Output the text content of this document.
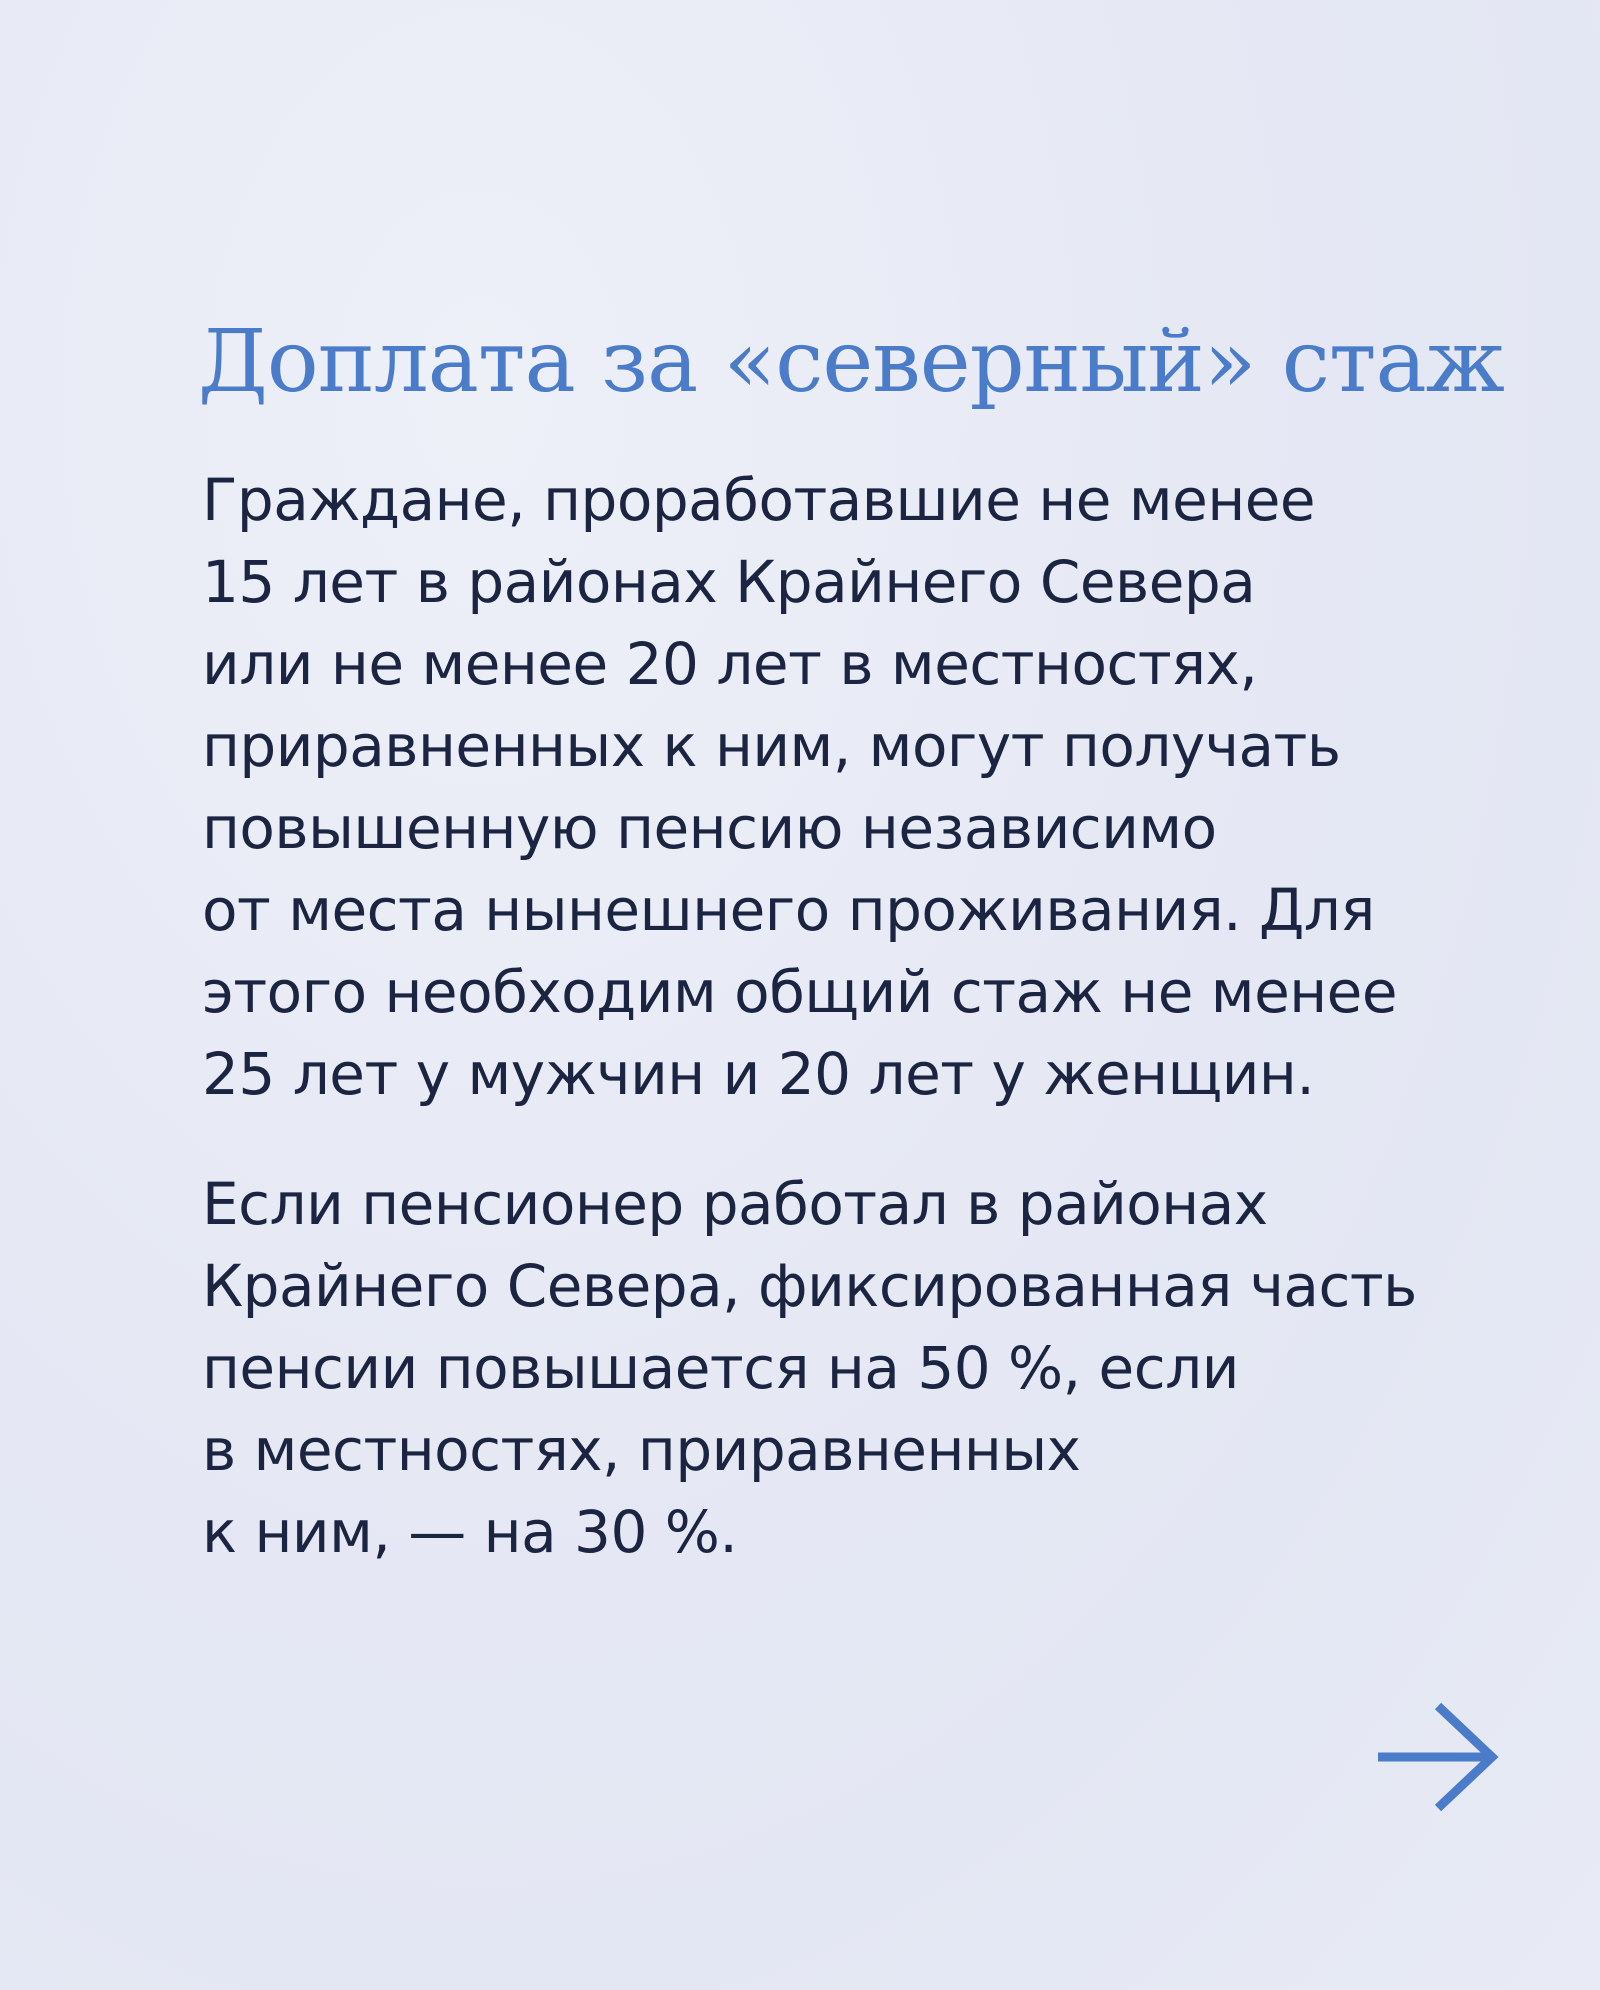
Доплата за «северный» стаж

Граждане, проработавшие не менее
15 лет в районах Крайнего Севера
или не менее 20 лет в местностях,
приравненных к ним, могут получать
повышенную пенсию независимо
от места нынешнего проживания. Для
этого необходим общий стаж не менее
25 лет у мужчин и 20 лет у женщин.

Если пенсионер работал в районах
Крайнего Севера, фиксированная часть
пенсии повышается на 50 %, если
в местностях, приравненных
к ним, — на 30 %.
